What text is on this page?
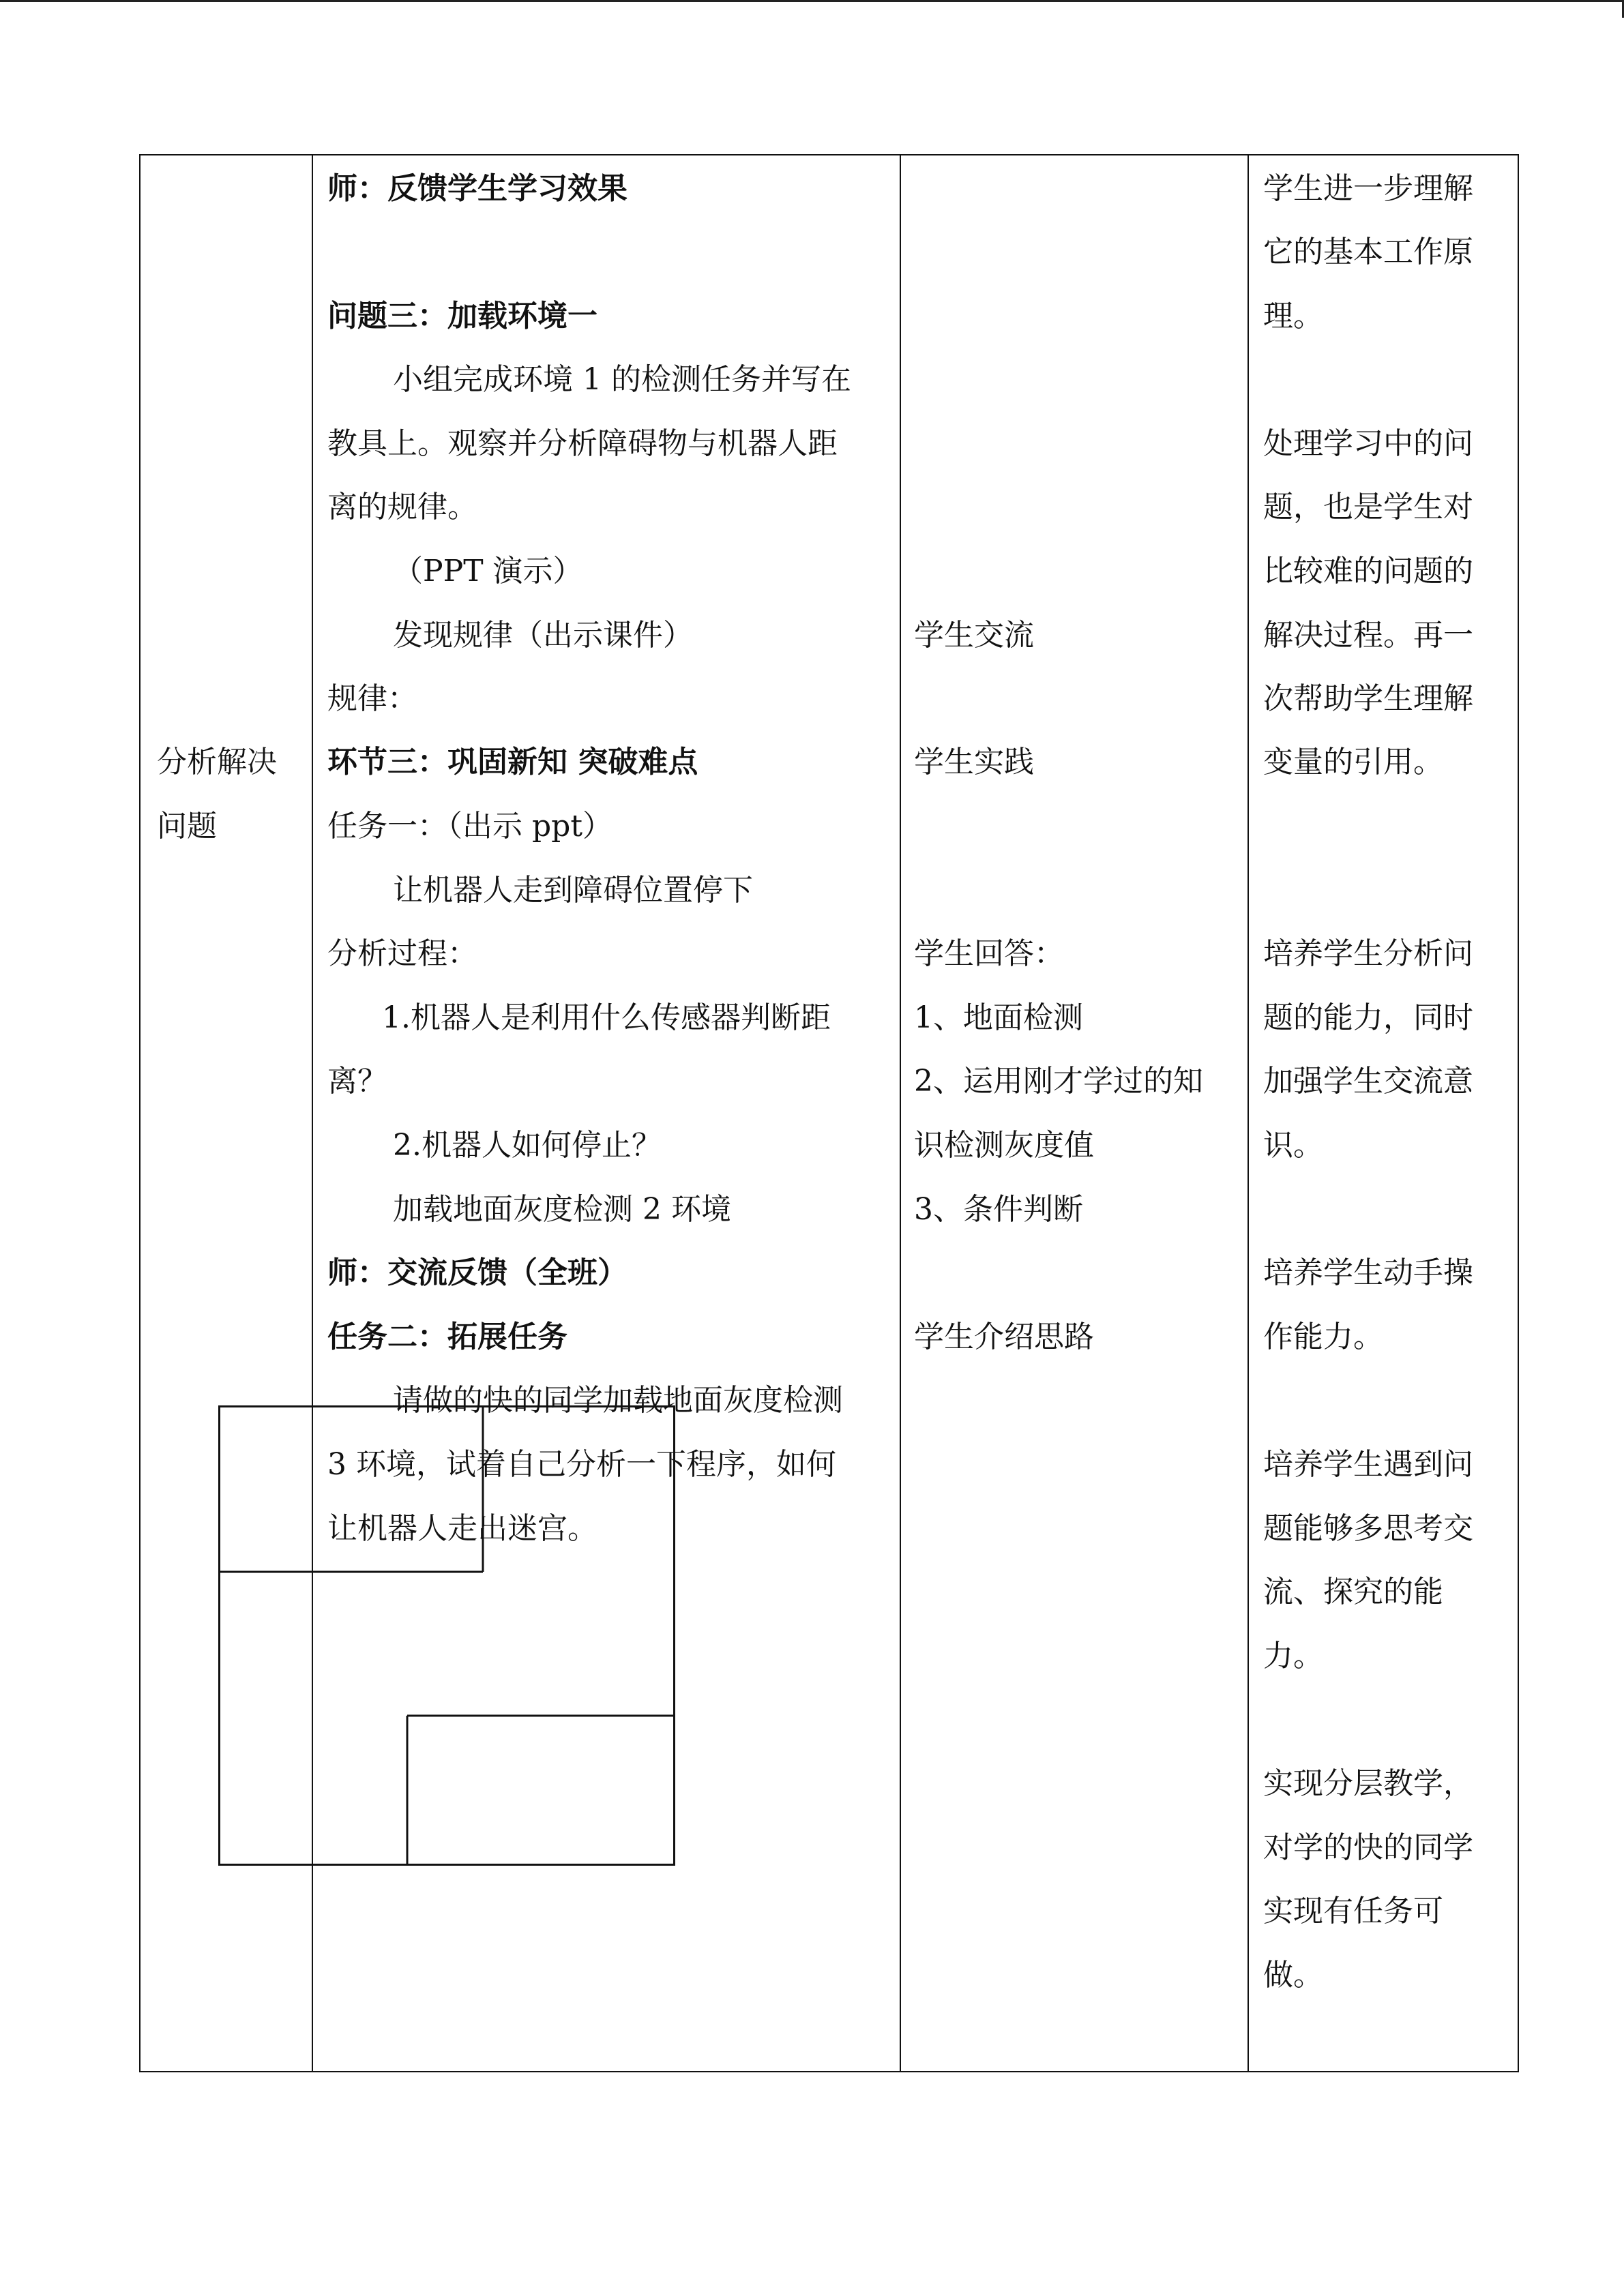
分析解决
问题
师：反馈学生学习效果
问题三：加载环境一
小组完成环境 1 的检测任务并写在
教具上。观察并分析障碍物与机器人距
离的规律。
（PPT 演示）
发现规律（出示课件）
规律：
环节三：巩固新知 突破难点
任务一：（出示 ppt）
让机器人走到障碍位置停下
分析过程：
1.机器人是利用什么传感器判断距
离？
2.机器人如何停止？
加载地面灰度检测 2 环境
师：交流反馈（全班）
任务二：拓展任务
请做的快的同学加载地面灰度检测
3 环境，试着自己分析一下程序，如何
让机器人走出迷宫。
学生交流
学生实践
学生回答：
1、地面检测
2、运用刚才学过的知
识检测灰度值
3、条件判断
学生介绍思路
学生进一步理解
它的基本工作原
理。
处理学习中的问
题，也是学生对
比较难的问题的
解决过程。再一
次帮助学生理解
变量的引用。
培养学生分析问
题的能力，同时
加强学生交流意
识。
培养学生动手操
作能力。
培养学生遇到问
题能够多思考交
流、探究的能
力。
实现分层教学，
对学的快的同学
实现有任务可
做。
